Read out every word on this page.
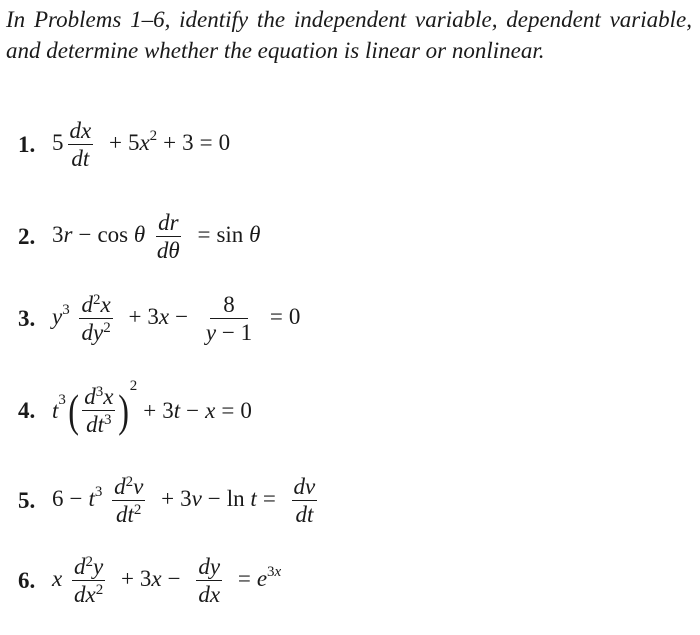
In Problems 1–6, identify the independent variable, dependent variable, and determine whether the equation is linear or nonlinear.

1. $5 \frac{dx}{dt} + 5x^2 + 3 = 0$
2. 3r − cos θ $\frac{dr}{d\theta} = \sin \theta$
3. $y^3 \frac{d^2x}{dy^2} + 3x - \frac{8}{y - 1} = 0$
4. $t^3$ ( $\frac{d^3x}{dt^3}$ ) 2
+ 3 t − x = 0
5. $6 - t^3 \frac{d^2v}{dt^2} + 3v - \ln t = \frac{dv}{dt}$
6. x $\frac{d^2y}{dx^2} + 3x - \frac{dy}{dx} = e^{3x}$
